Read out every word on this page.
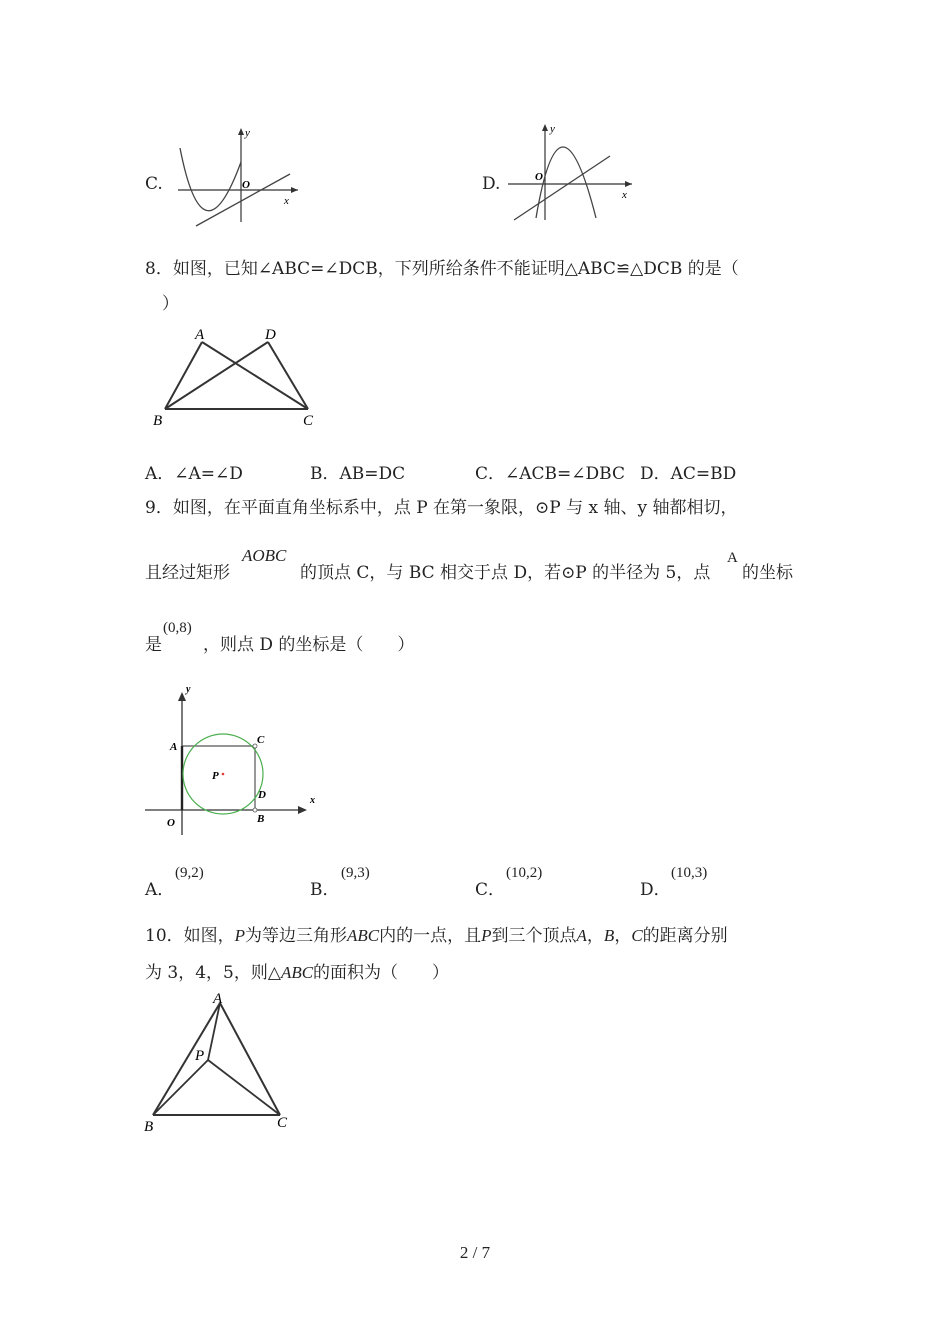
C.
y
O
x
D.
y
O
x
8．如图，已知∠ABC=∠DCB，下列所给条件不能证明△ABC≌△DCB 的是（
）
A	D
B	C
A．∠A=∠D	B．AB=DC	C．∠ACB=∠DBC D．AC=BD
9．如图，在平面直角坐标系中，点 P 在第一象限，⊙P 与 x 轴、y 轴都相切，
且经过矩形
AOBC
的顶点 C，与 BC 相交于点 D，若⊙P 的半径为 5，点
A
的坐标
是
(0,8)
，则点 D 的坐标是（　　）
y
x
A
C
P
D
O	B
A．
(9,2)
B．
(9,3)
C．
(10,2)
D．
(10,3)
10．如图，P为等边三角形ABC内的一点，且P到三个顶点A，B，C的距离分别
为 3，4，5，则△ABC的面积为（　　）
A
P
B	C
2 / 7
